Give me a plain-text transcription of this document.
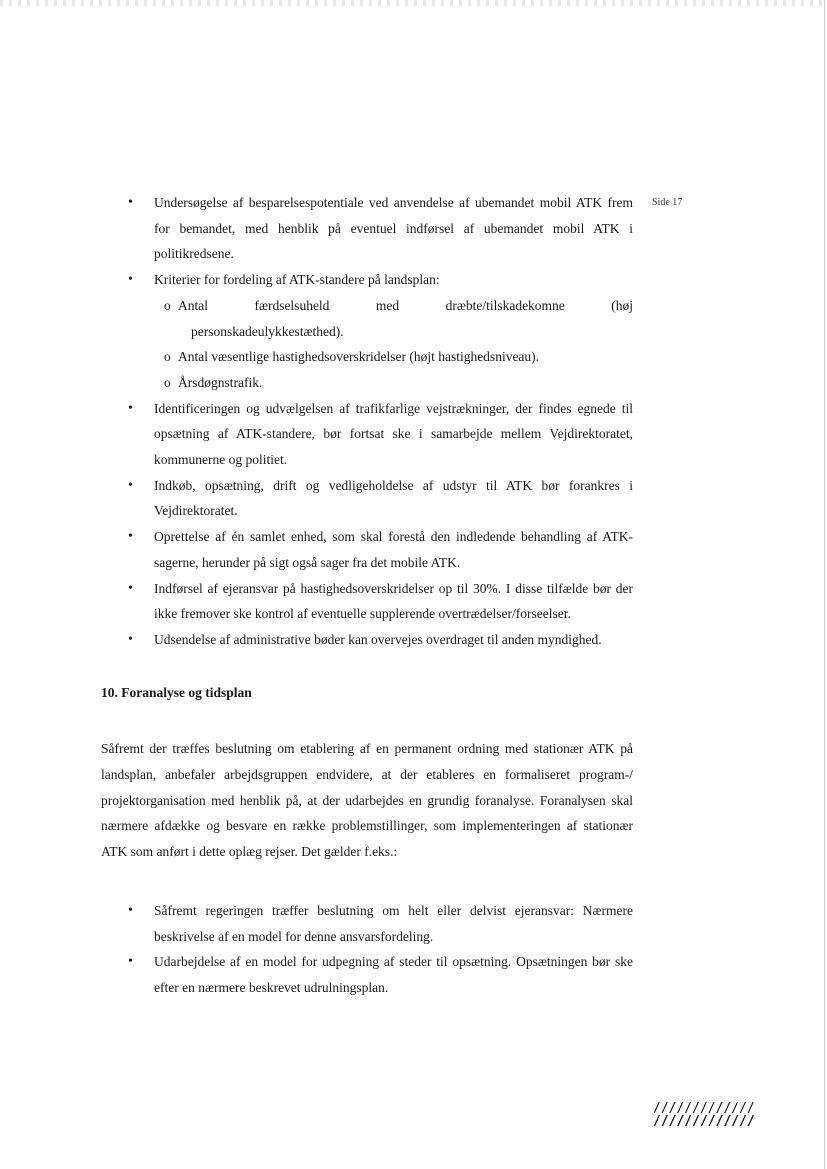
Side 17
• Undersøgelse af besparelsespotentiale ved anvendelse af ubemandet mobil ATK frem for bemandet, med henblik på eventuel indførsel af ubemandet mobil ATK i politikredsene.
• Kriterier for fordeling af ATK-standere på landsplan:
o Antal færdselsuheld med dræbte/tilskadekomne (høj
personskadeulykkestæthed).
o Antal væsentlige hastighedsoverskridelser (højt hastighedsniveau).
o Årsdøgnstrafik.
• Identificeringen og udvælgelsen af trafikfarlige vejstrækninger, der findes egnede til opsætning af ATK-standere, bør fortsat ske i samarbejde mellem Vejdirektoratet, kommunerne og politiet.
• Indkøb, opsætning, drift og vedligeholdelse af udstyr til ATK bør forankres i Vejdirektoratet.
• Oprettelse af én samlet enhed, som skal forestå den indledende behandling af ATK-sagerne, herunder på sigt også sager fra det mobile ATK.
• Indførsel af ejeransvar på hastighedsoverskridelser op til 30%. I disse tilfælde bør der ikke fremover ske kontrol af eventuelle supplerende overtrædelser/forseelser.
• Udsendelse af administrative bøder kan overvejes overdraget til anden myndighed.
10. Foranalyse og tidsplan

Såfremt der træffes beslutning om etablering af en permanent ordning med stationær ATK på landsplan, anbefaler arbejdsgruppen endvidere, at der etableres en formaliseret program-/ projektorganisation med henblik på, at der udarbejdes en grundig foranalyse. Foranalysen skal nærmere afdække og besvare en række problemstillinger, som implementeringen af stationær ATK som anført i dette oplæg rejser. Det gælder f.eks.:

• Såfremt regeringen træffer beslutning om helt eller delvist ejeransvar: Nærmere beskrivelse af en model for denne ansvarsfordeling.
• Udarbejdelse af en model for udpegning af steder til opsætning. Opsætningen bør ske efter en nærmere beskrevet udrulningsplan.
/////////////
/////////////
